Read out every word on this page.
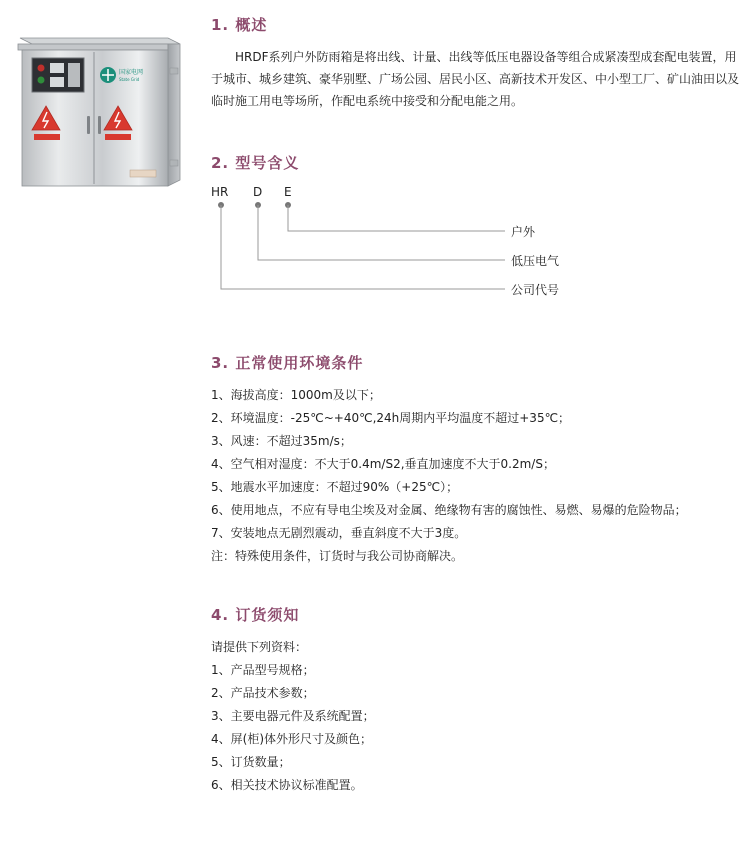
国家电网
State Grid
1. 概述
HRDF系列户外防雨箱是将出线、计量、出线等低压电器设备等组合成紧凑型成套配电装置，用于城市、城乡建筑、豪华别墅、广场公园、居民小区、高新技术开发区、中小型工厂、矿山油田以及临时施工用电等场所，作配电系统中接受和分配电能之用。
2. 型号含义
HR D E
户外
低压电气
公司代号
3. 正常使用环境条件
1、海拔高度：1000m及以下；
2、环境温度：-25℃~+40℃,24h周期内平均温度不超过+35℃；
3、风速：不超过35m/s；
4、空气相对湿度：不大于0.4m/S2,垂直加速度不大于0.2m/S；
5、地震水平加速度：不超过90%（+25℃）；
6、使用地点，不应有导电尘埃及对金属、绝缘物有害的腐蚀性、易燃、易爆的危险物品；
7、安装地点无剧烈震动，垂直斜度不大于3度。
注：特殊使用条件，订货时与我公司协商解决。
4. 订货须知
请提供下列资料：
1、产品型号规格；
2、产品技术参数；
3、主要电器元件及系统配置；
4、屏(柜)体外形尺寸及颜色；
5、订货数量；
6、相关技术协议标准配置。
